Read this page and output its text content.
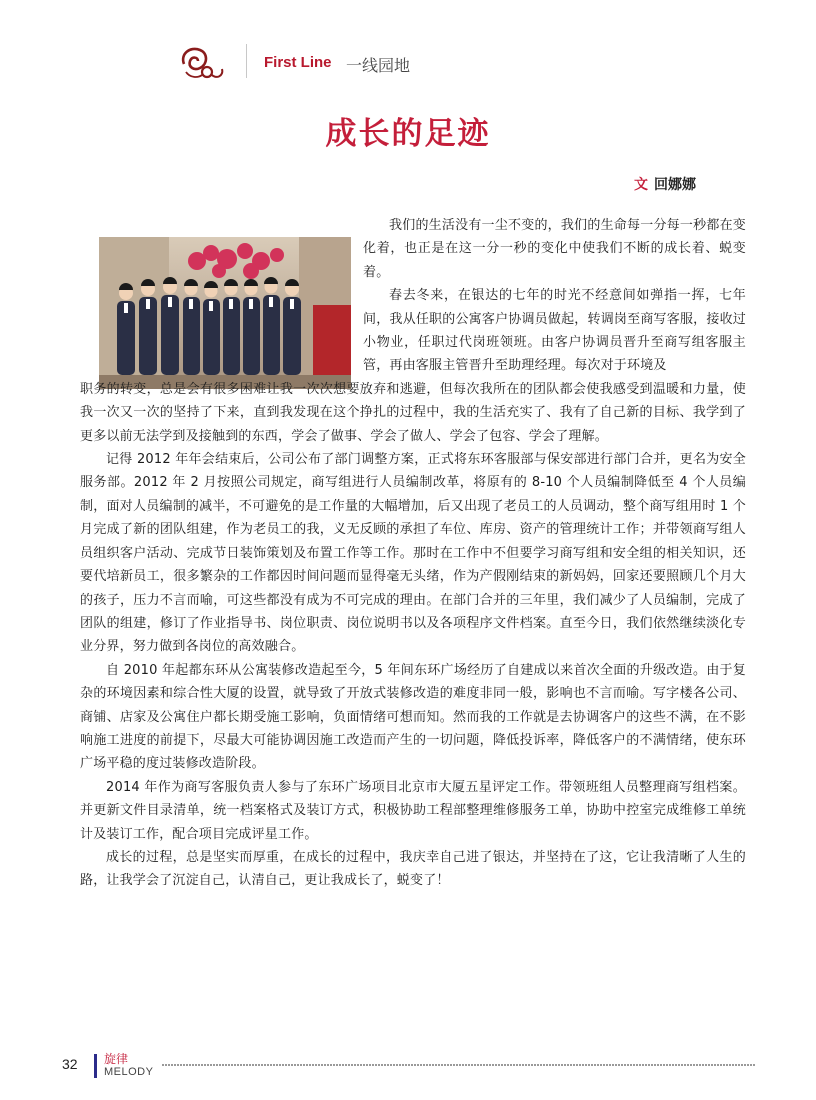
First Line 一线园地
成长的足迹
文 回娜娜

我们的生活没有一尘不变的，我们的生命每一分每一秒都在变化着，也正是在这一分一秒的变化中使我们不断的成长着、蜕变着。

春去冬来，在银达的七年的时光不经意间如弹指一挥，七年间，我从任职的公寓客户协调员做起，转调岗至商写客服，接收过小物业，任职过代岗班领班。由客户协调员晋升至商写组客服主管，再由客服主管晋升至助理经理。每次对于环境及

职务的转变，总是会有很多困难让我一次次想要放弃和逃避，但每次我所在的团队都会使我感受到温暖和力量，使我一次又一次的坚持了下来，直到我发现在这个挣扎的过程中，我的生活充实了、我有了自己新的目标、我学到了更多以前无法学到及接触到的东西，学会了做事、学会了做人、学会了包容、学会了理解。

记得 2012 年年会结束后，公司公布了部门调整方案，正式将东环客服部与保安部进行部门合并，更名为安全服务部。2012 年 2 月按照公司规定，商写组进行人员编制改革，将原有的 8-10 个人员编制降低至 4 个人员编制，面对人员编制的减半，不可避免的是工作量的大幅增加，后又出现了老员工的人员调动，整个商写组用时 1 个月完成了新的团队组建，作为老员工的我，义无反顾的承担了车位、库房、资产的管理统计工作；并带领商写组人员组织客户活动、完成节日装饰策划及布置工作等工作。那时在工作中不但要学习商写组和安全组的相关知识，还要代培新员工，很多繁杂的工作都因时间问题而显得毫无头绪，作为产假刚结束的新妈妈，回家还要照顾几个月大的孩子，压力不言而喻，可这些都没有成为不可完成的理由。在部门合并的三年里，我们减少了人员编制，完成了团队的组建，修订了作业指导书、岗位职责、岗位说明书以及各项程序文件档案。直至今日，我们依然继续淡化专业分界，努力做到各岗位的高效融合。

自 2010 年起都东环从公寓装修改造起至今，5 年间东环广场经历了自建成以来首次全面的升级改造。由于复杂的环境因素和综合性大厦的设置，就导致了开放式装修改造的难度非同一般，影响也不言而喻。写字楼各公司、商铺、店家及公寓住户都长期受施工影响，负面情绪可想而知。然而我的工作就是去协调客户的这些不满，在不影响施工进度的前提下，尽最大可能协调因施工改造而产生的一切问题，降低投诉率，降低客户的不满情绪，使东环广场平稳的度过装修改造阶段。

2014 年作为商写客服负责人参与了东环广场项目北京市大厦五星评定工作。带领班组人员整理商写组档案。并更新文件目录清单，统一档案格式及装订方式，积极协助工程部整理维修服务工单，协助中控室完成维修工单统计及装订工作，配合项目完成评星工作。

成长的过程，总是坚实而厚重，在成长的过程中，我庆幸自己进了银达，并坚持在了这，它让我清晰了人生的路，让我学会了沉淀自己，认清自己，更让我成长了，蜕变了！

32 旋律
MELODY
